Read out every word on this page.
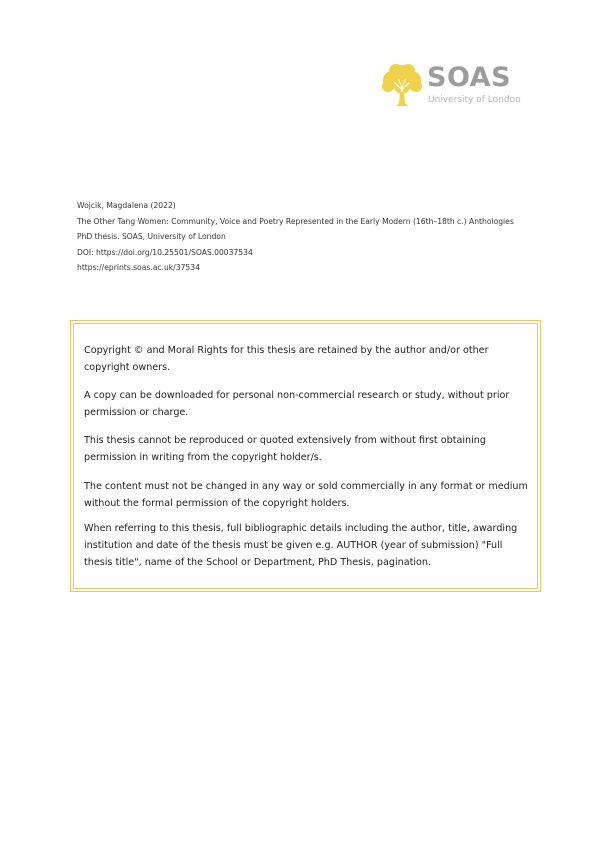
SOAS
University of London
Wojcik, Magdalena (2022)
The Other Tang Women: Community, Voice and Poetry Represented in the Early Modern (16th–18th c.) Anthologies
PhD thesis. SOAS, University of London
DOI: https://doi.org/10.25501/SOAS.00037534
https://eprints.soas.ac.uk/37534

Copyright © and Moral Rights for this thesis are retained by the author and/or other copyright owners.

A copy can be downloaded for personal non-commercial research or study, without prior permission or charge.

This thesis cannot be reproduced or quoted extensively from without first obtaining permission in writing from the copyright holder/s.

The content must not be changed in any way or sold commercially in any format or medium without the formal permission of the copyright holders.

When referring to this thesis, full bibliographic details including the author, title, awarding institution and date of the thesis must be given e.g. AUTHOR (year of submission) "Full thesis title", name of the School or Department, PhD Thesis, pagination.
